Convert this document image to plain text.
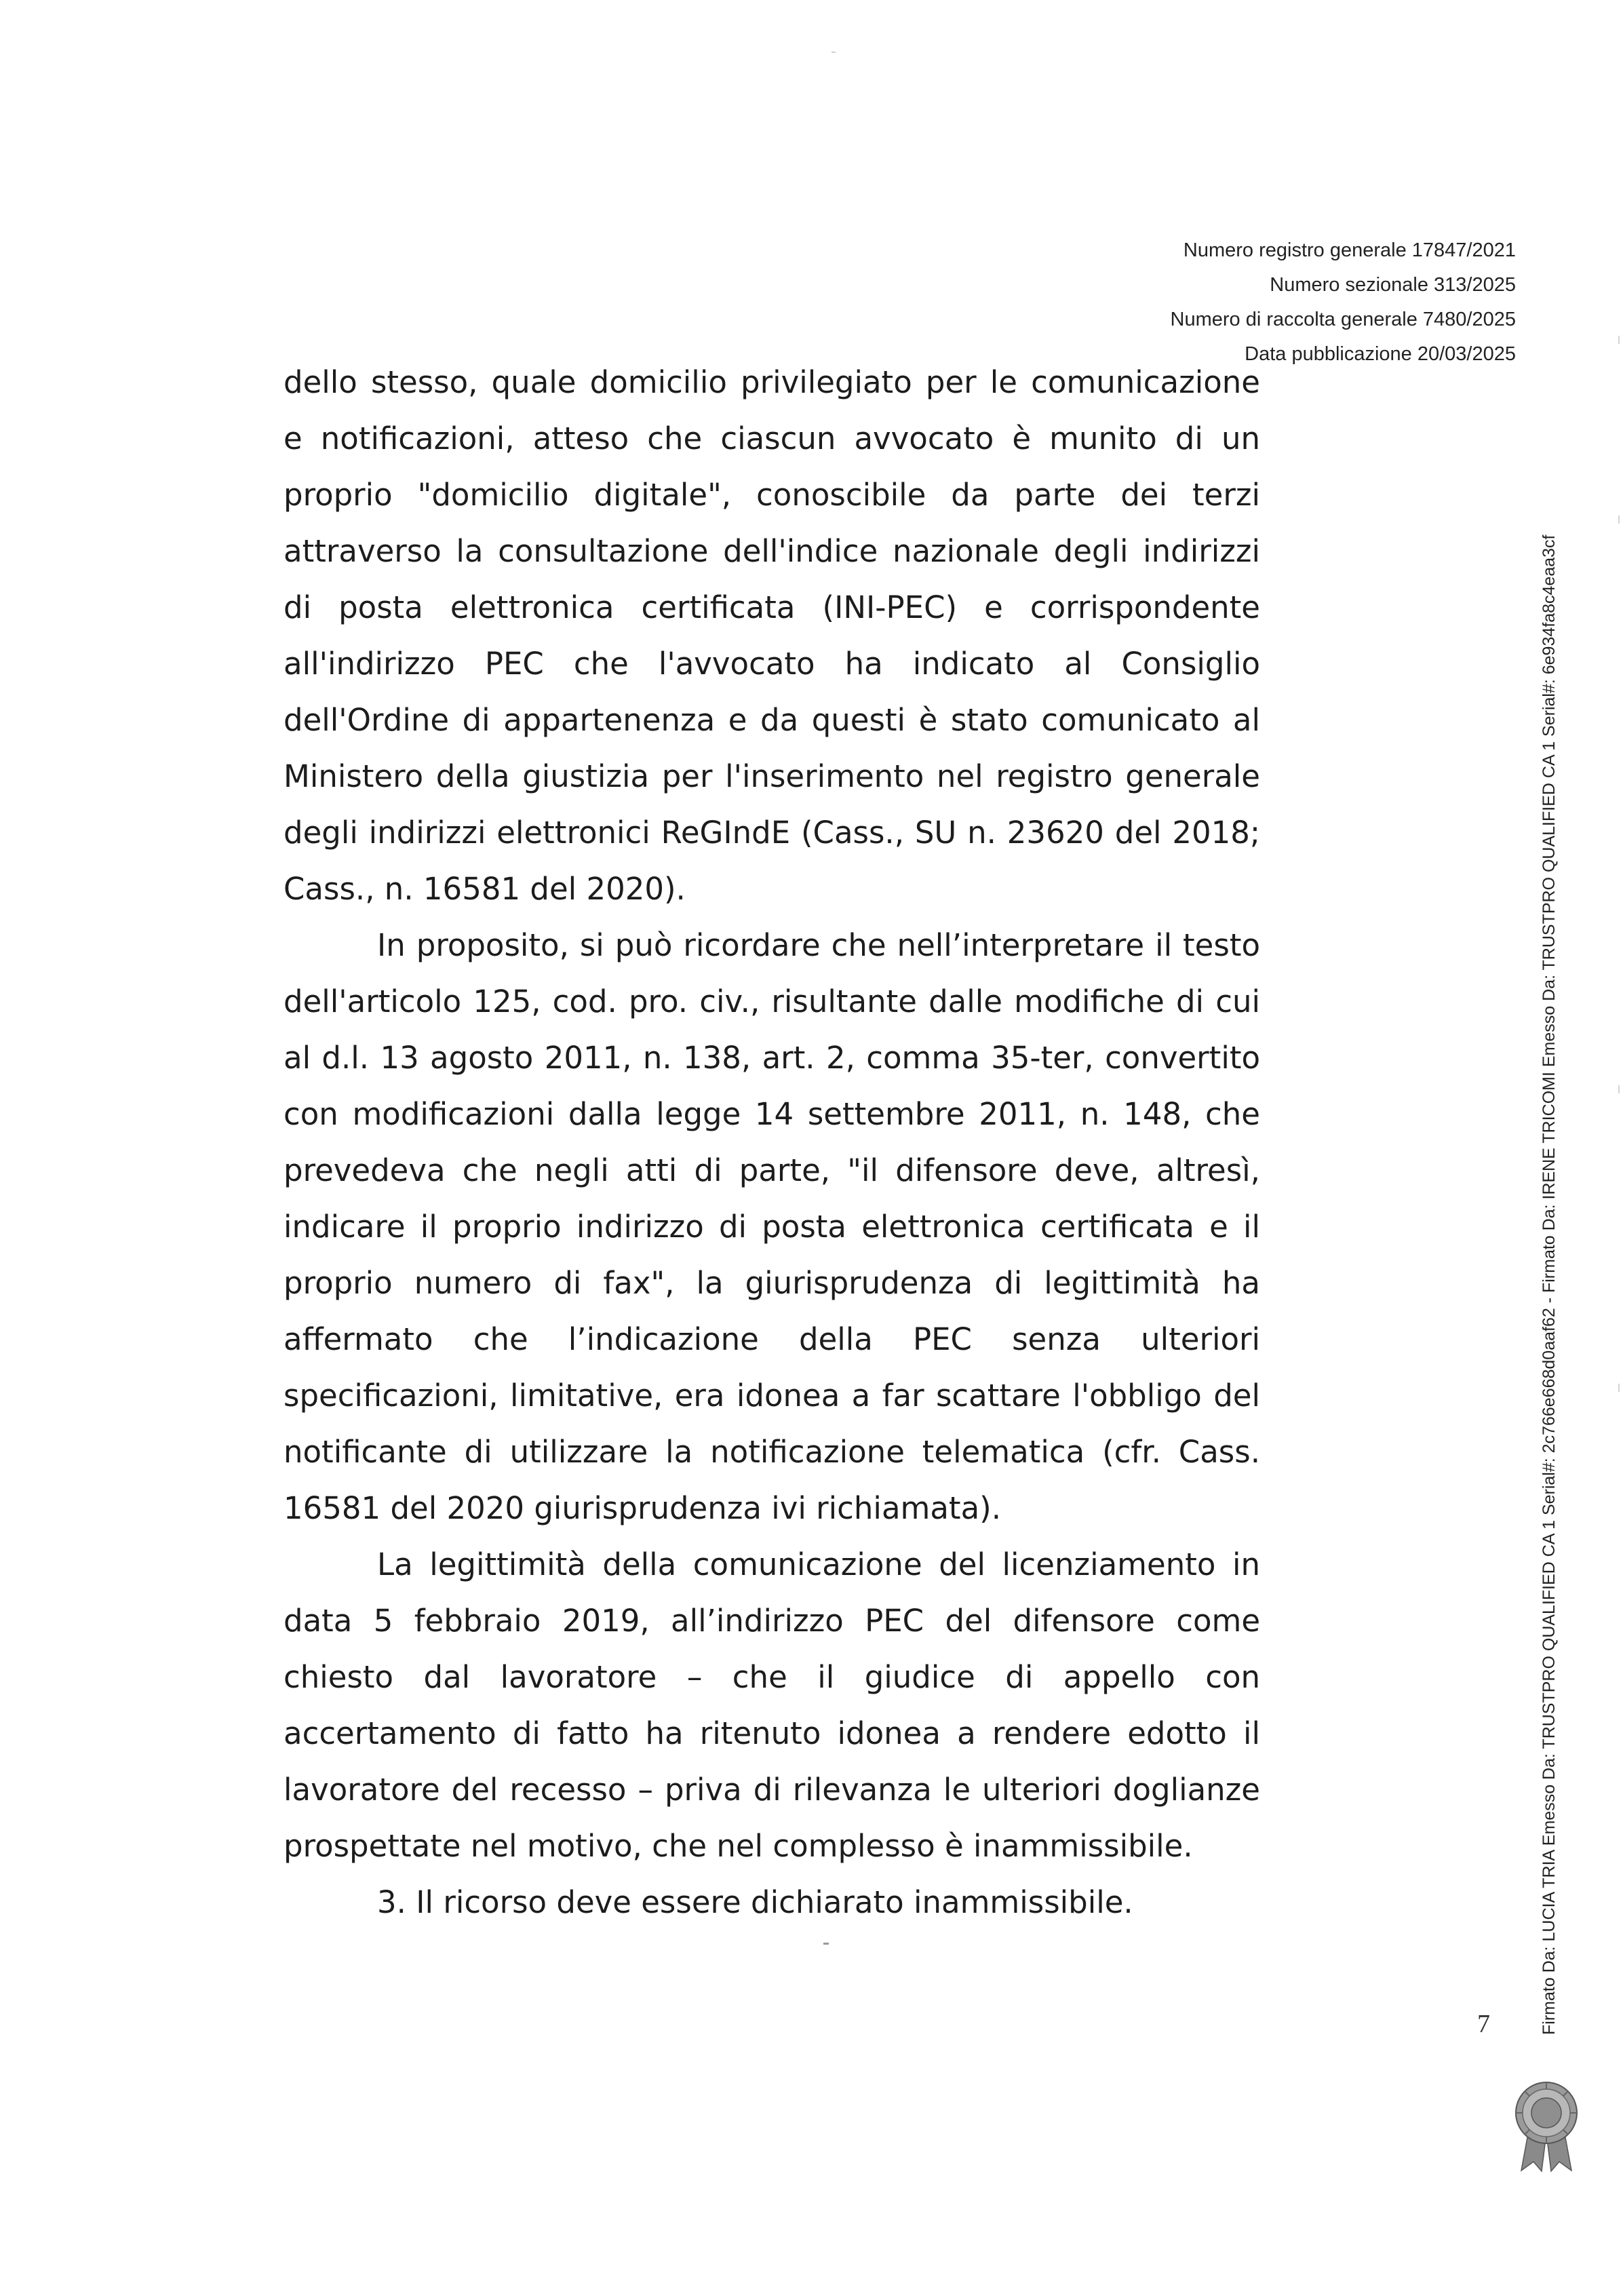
Numero registro generale 17847/2021
Numero sezionale 313/2025
Numero di raccolta generale 7480/2025
Data pubblicazione 20/03/2025

dello stesso, quale domicilio privilegiato per le comunicazione e notificazioni, atteso che ciascun avvocato è munito di un proprio "domicilio digitale", conoscibile da parte dei terzi attraverso la consultazione dell'indice nazionale degli indirizzi di posta elettronica certificata (INI-PEC) e corrispondente all'indirizzo PEC che l'avvocato ha indicato al Consiglio dell'Ordine di appartenenza e da questi è stato comunicato al Ministero della giustizia per l'inserimento nel registro generale degli indirizzi elettronici ReGIndE (Cass., SU n. 23620 del 2018; Cass., n. 16581 del 2020).

In proposito, si può ricordare che nell’interpretare il testo dell'articolo 125, cod. pro. civ., risultante dalle modifiche di cui al d.l. 13 agosto 2011, n. 138, art. 2, comma 35-ter, convertito con modificazioni dalla legge 14 settembre 2011, n. 148, che prevedeva che negli atti di parte, "il difensore deve, altresì, indicare il proprio indirizzo di posta elettronica certificata e il proprio numero di fax", la giurisprudenza di legittimità ha affermato che l’indicazione della PEC senza ulteriori specificazioni, limitative, era idonea a far scattare l'obbligo del notificante di utilizzare la notificazione telematica (cfr. Cass. 16581 del 2020 giurisprudenza ivi richiamata).

La legittimità della comunicazione del licenziamento in data 5 febbraio 2019, all’indirizzo PEC del difensore come chiesto dal lavoratore – che il giudice di appello con accertamento di fatto ha ritenuto idonea a rendere edotto il lavoratore del recesso – priva di rilevanza le ulteriori doglianze prospettate nel motivo, che nel complesso è inammissibile.

3. Il ricorso deve essere dichiarato inammissibile.

7	Firmato Da: LUCIA TRIA Emesso Da: TRUSTPRO QUALIFIED CA 1 Serial#: 2c766e668d0aaf62 - Firmato Da: IRENE TRICOMI Emesso Da: TRUSTPRO QUALIFIED CA 1 Serial#: 6e934fa8c4eaa3cf
